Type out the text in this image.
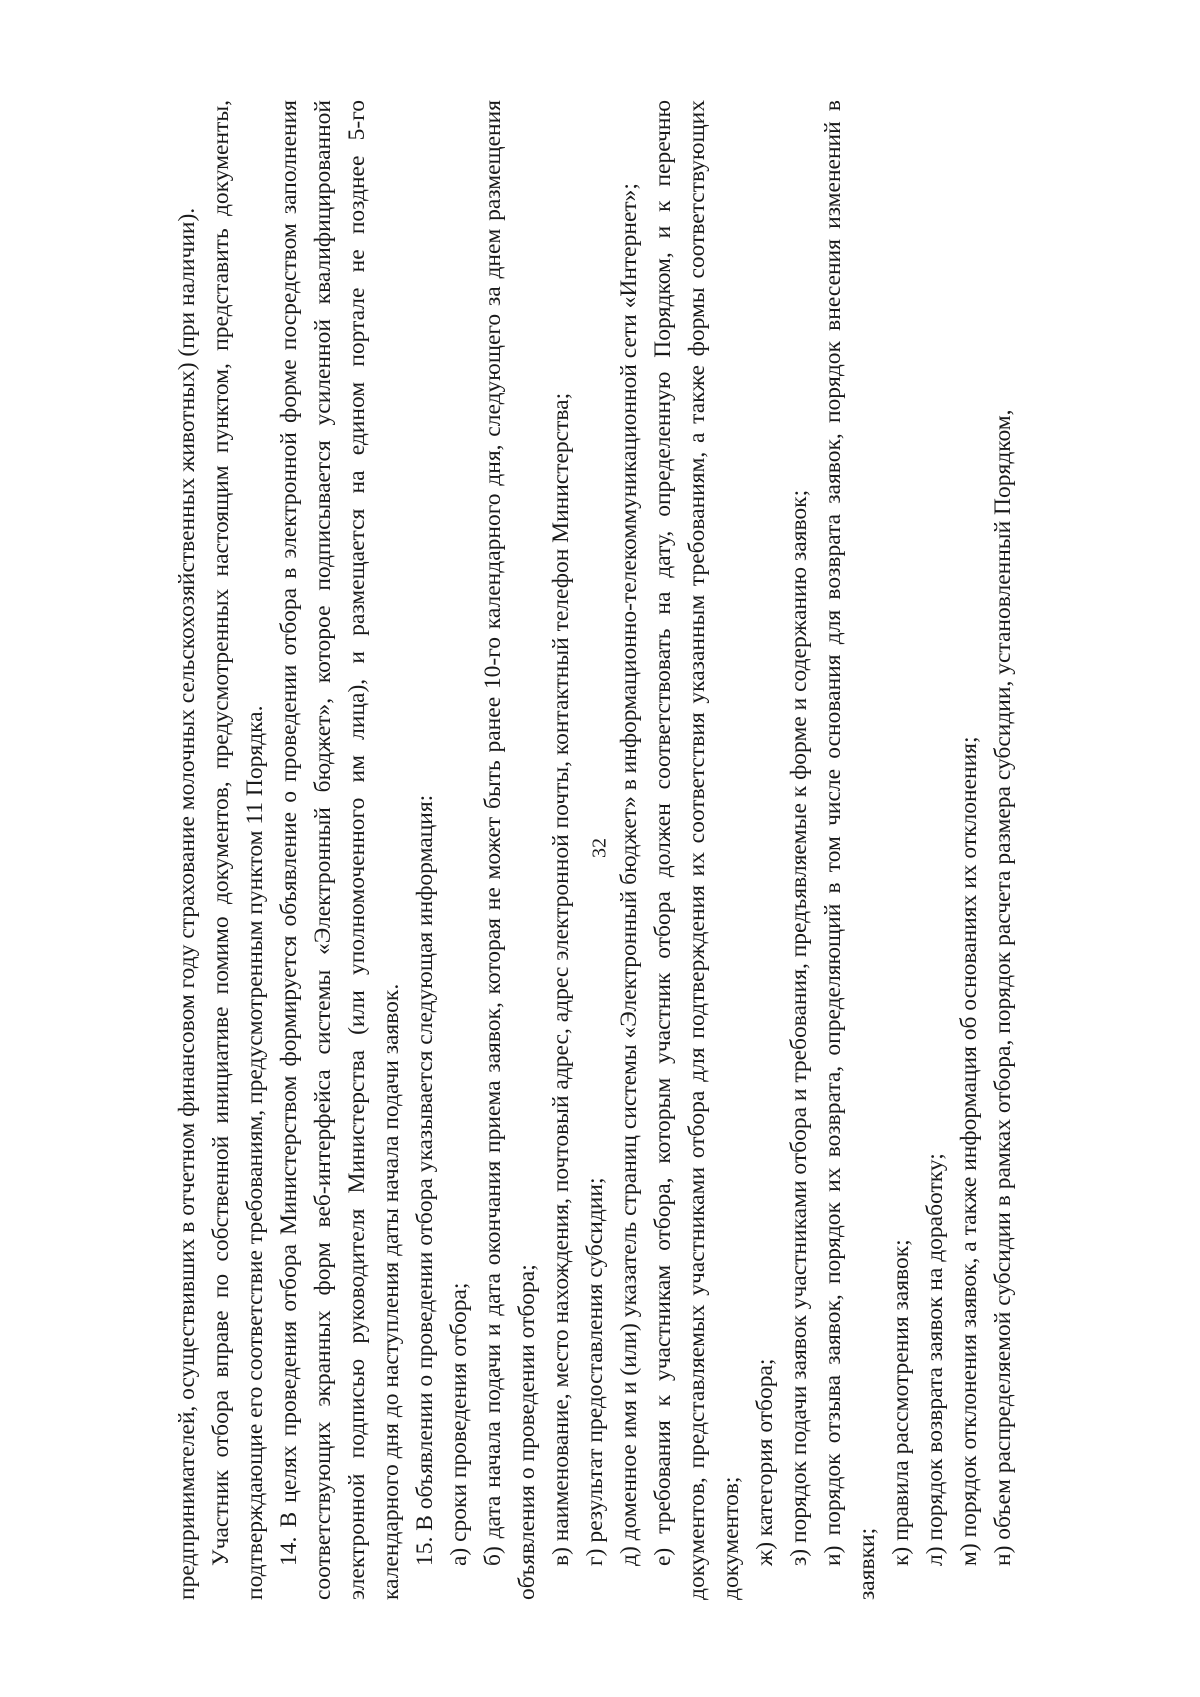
32

предпринимателей, осуществивших в отчетном финансовом году страхование молочных сельскохозяйственных животных) (при наличии). Участник отбора вправе по собственной инициативе помимо документов, предусмотренных настоящим пунктом, представить документы, подтверждающие его соответствие требованиям, предусмотренным пунктом 11 Порядка. 14. В целях проведения отбора Министерством формируется объявление о проведении отбора в электронной форме посредством заполнения соответствующих экранных форм веб-интерфейса системы «Электронный бюджет», которое подписывается усиленной квалифицированной электронной подписью руководителя Министерства (или уполномоченного им лица), и размещается на едином портале не позднее 5-го календарного дня до наступления даты начала подачи заявок. 15. В объявлении о проведении отбора указывается следующая информация: а) сроки проведения отбора; б) дата начала подачи и дата окончания приема заявок, которая не может быть ранее 10-го календарного дня, следующего за днем размещения объявления о проведении отбора; в) наименование, место нахождения, почтовый адрес, адрес электронной почты, контактный телефон Министерства; г) результат предоставления субсидии; д) доменное имя и (или) указатель страниц системы «Электронный бюджет» в информационно-телекоммуникационной сети «Интернет»; е) требования к участникам отбора, которым участник отбора должен соответствовать на дату, определенную Порядком, и к перечню документов, представляемых участниками отбора для подтверждения их соответствия указанным требованиям, а также формы соответствующих документов; ж) категория отбора; з) порядок подачи заявок участниками отбора и требования, предъявляемые к форме и содержанию заявок; и) порядок отзыва заявок, порядок их возврата, определяющий в том числе основания для возврата заявок, порядок внесения изменений в заявки; к) правила рассмотрения заявок; л) порядок возврата заявок на доработку; м) порядок отклонения заявок, а также информация об основаниях их отклонения; н) объем распределяемой субсидии в рамках отбора, порядок расчета размера субсидии, установленный Порядком,
